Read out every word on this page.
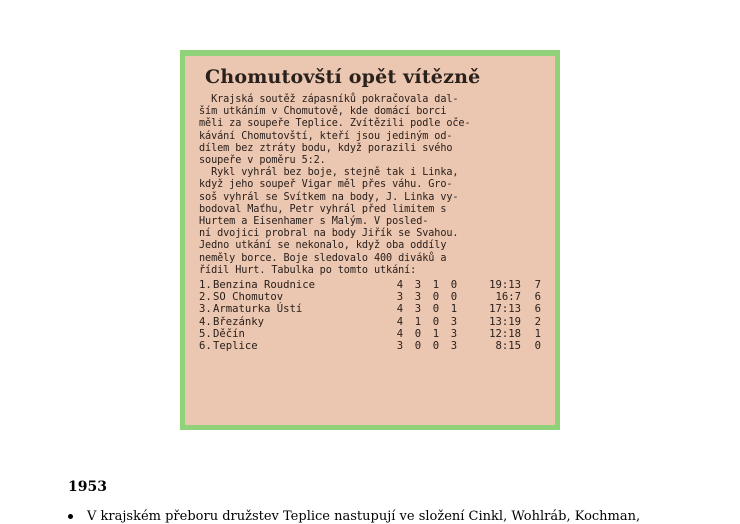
Chomutovští opět vítězně

Krajská soutěž zápasníků pokračovala dal-
ším utkáním v Chomutově, kde domácí borci
měli za soupeře Teplice. Zvítězili podle oče-
kávání Chomutovští, kteří jsou jediným od-
dílem bez ztráty bodu, když porazili svého
soupeře v poměru 5:2.

Rykl vyhrál bez boje, stejně tak i Linka,
když jeho soupeř Vigar měl přes váhu. Gro-
soš vyhrál se Svítkem na body, J. Linka vy-
bodoval Maťhu, Petr vyhrál před limitem s
Hurtem a Eisenhamer s Malým. V posled-
ní dvojici probral na body Jiřík se Svahou.
Jedno utkání se nekonalo, když oba oddíly
neměly borce. Boje sledovalo 400 diváků a
řídil Hurt. Tabulka po tomto utkání:

1. Benzina Roudnice	4	3	1	0	19:13	7
2. SO Chomutov	3	3	0	0	16:7	6
3. Armaturka Ústí	4	3	0	1	17:13	6
4. Březánky	4	1	0	3	13:19	2
5. Děčín	4	0	1	3	12:18	1
6. Teplice	3	0	0	3	8:15	0
1953
V krajském přeboru družstev Teplice nastupují ve složení Cinkl, Wohlráb, Kochman,
